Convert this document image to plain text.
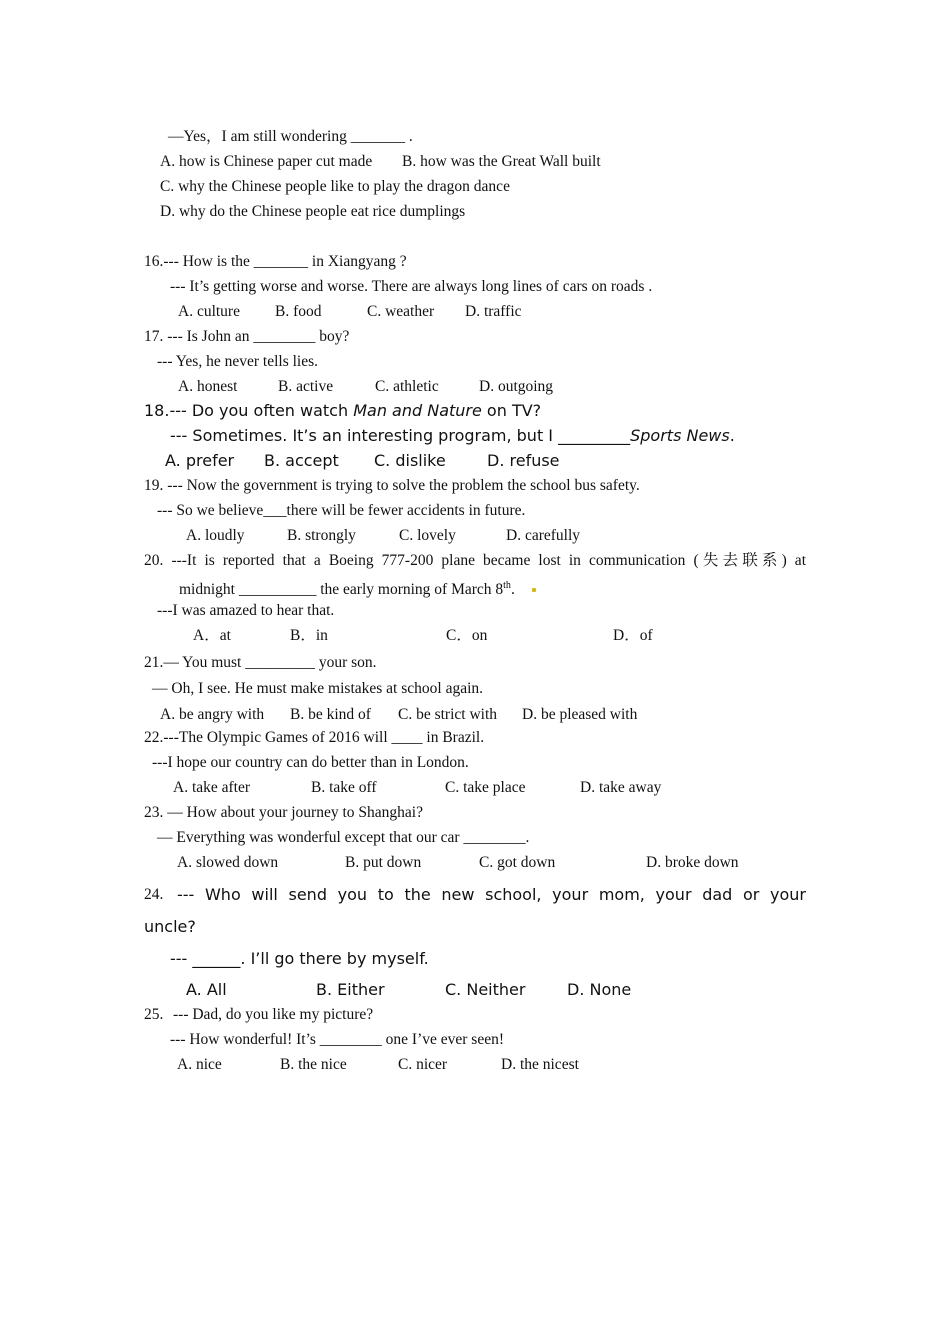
—Yes，I am still wondering _______ .
A. how is Chinese paper cut made B. how was the Great Wall built
C. why the Chinese people like to play the dragon dance
D. why do the Chinese people eat rice dumplings
16.--- How is the _______ in Xiangyang ?
--- It’s getting worse and worse. There are always long lines of cars on roads .
A. culture B. food	C. weather D. traffic
17. --- Is John an ________ boy?
--- Yes, he never tells lies.
A. honest	B. active	C. athletic	D. outgoing
18.--- Do you often watch Man and Nature on TV?
--- Sometimes. It’s an interesting program, but I _________Sports News.
A. prefer B. accept C. dislike	D. refuse
19. --- Now the government is trying to solve the problem the school bus safety.
--- So we believe___there will be fewer accidents in future.
A. loudly	B. strongly	C. lovely	D. carefully
20. ---It is reported that a Boeing 777-200 plane became lost in communication (失去联系) at
midnight __________ the early morning of March 8th.
---I was amazed to hear that.
A．at	B．in	C．on	D．of
21.— You must _________ your son.
— Oh, I see. He must make mistakes at school again.
A. be angry with B. be kind of C. be strict with D. be pleased with
22.---The Olympic Games of 2016 will ____ in Brazil.
---I hope our country can do better than in London.
A. take after	B. take off	C. take place	D. take away
23. — How about your journey to Shanghai?
— Everything was wonderful except that our car ________.
A. slowed down	B. put down	C. got down	D. broke down
24. --- Who will send you to the new school, your mom, your dad or your
uncle?
--- ______. I’ll go there by myself.
A. All	B. Either	C. Neither	D. None
25. --- Dad, do you like my picture?
--- How wonderful! It’s ________ one I’ve ever seen!
A. nice	B. the nice	C. nicer	D. the nicest
